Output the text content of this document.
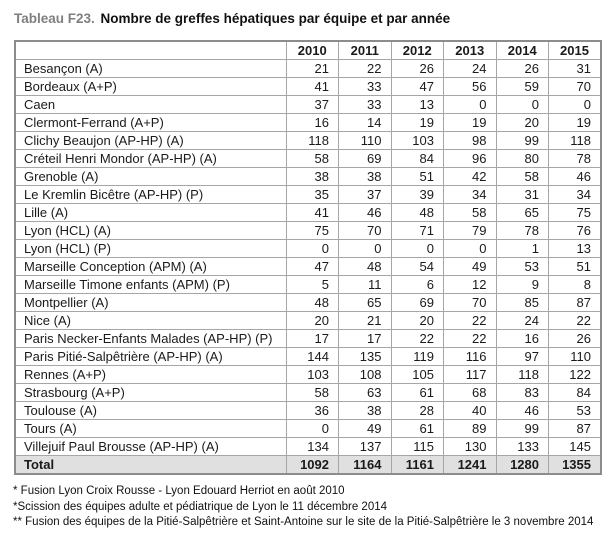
Tableau F23. Nombre de greffes hépatiques par équipe et par année
	2010	2011	2012	2013	2014	2015
Besançon (A)	21	22	26	24	26	31
Bordeaux (A+P)	41	33	47	56	59	70
Caen	37	33	13	0	0	0
Clermont-Ferrand (A+P)	16	14	19	19	20	19
Clichy Beaujon (AP-HP) (A)	118	110	103	98	99	118
Créteil Henri Mondor (AP-HP) (A)	58	69	84	96	80	78
Grenoble (A)	38	38	51	42	58	46
Le Kremlin Bicêtre (AP-HP) (P)	35	37	39	34	31	34
Lille (A)	41	46	48	58	65	75
Lyon (HCL) (A)	75	70	71	79	78	76
Lyon (HCL) (P)	0	0	0	0	1	13
Marseille Conception (APM) (A)	47	48	54	49	53	51
Marseille Timone enfants (APM) (P)	5	11	6	12	9	8
Montpellier (A)	48	65	69	70	85	87
Nice (A)	20	21	20	22	24	22
Paris Necker-Enfants Malades (AP-HP) (P)	17	17	22	22	16	26
Paris Pitié-Salpêtrière (AP-HP) (A)	144	135	119	116	97	110
Rennes (A+P)	103	108	105	117	118	122
Strasbourg (A+P)	58	63	61	68	83	84
Toulouse (A)	36	38	28	40	46	53
Tours (A)	0	49	61	89	99	87
Villejuif Paul Brousse (AP-HP) (A)	134	137	115	130	133	145
Total	1092	1164	1161	1241	1280	1355
* Fusion Lyon Croix Rousse - Lyon Edouard Herriot en août 2010
*Scission des équipes adulte et pédiatrique de Lyon le 11 décembre 2014
** Fusion des équipes de la Pitié-Salpêtrière et Saint-Antoine sur le site de la Pitié-Salpêtrière le 3 novembre 2014
